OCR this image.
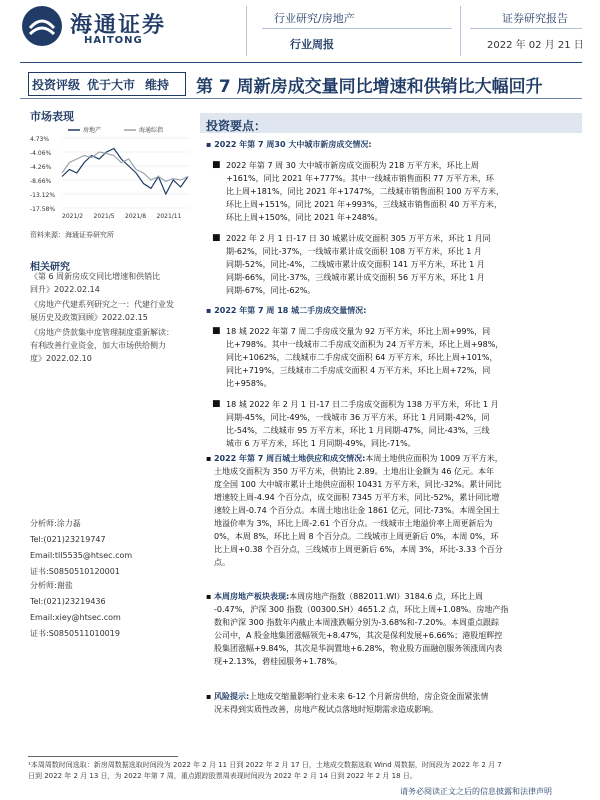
海通证券
HAITONG
行业研究/房地产
行业周报
证券研究报告
2022 年 02 月 21 日
投资评级 优于大市 维持 第 7 周新房成交量同比增速和供销比大幅回升
市场表现
4.73%
-4.06%
-4.26%
-8.66%
-13.12%
-17.58%
2021/2 2021/5 2021/8 2021/11
房地产	海通综指
资料来源：海通证券研究所
相关研究
《第 6 周新房成交同比增速和供销比
回升》2022.02.14
《房地产代建系列研究之一：代建行业发
展历史及政策回顾》2022.02.15
《房地产贷款集中度管理制度重新解读：
有利改善行业资金，加大市场供给侧力
度》2022.02.10
分析师:涂力磊
Tel:(021)23219747
Email:tll5535@htsec.com
证书:S0850510120001
分析师:谢盐
Tel:(021)23219436
Email:xiey@htsec.com
证书:S0850511010019
投资要点：
▪ 2022 年第 7 周30 大中城市新房成交情况:
■ 2022 年第 7 周 30 大中城市新房成交面积为 218 万平方米，环比上周
+161%，同比 2021 年+777%。其中一线城市销售面积 77 万平方米，环
比上周+181%，同比 2021 年+1747%，二线城市销售面积 100 万平方米，
环比上周+151%，同比 2021 年+993%，三线城市销售面积 40 万平方米，
环比上周+150%，同比 2021 年+248%。
■ 2022 年 2 月 1 日-17 日 30 城累计成交面积 305 万平方米，环比 1 月同
期-62%，同比-37%，一线城市累计成交面积 108 万平方米，环比 1 月
同期-52%，同比-4%，二线城市累计成交面积 141 万平方米，环比 1 月
同期-66%，同比-37%，三线城市累计成交面积 56 万平方米，环比 1 月
同期-67%，同比-62%。
▪ 2022 年第 7 周 18 城二手房成交量情况:
■ 18 城 2022 年第 7 周二手房成交量为 92 万平方米，环比上周+99%，同
比+798%。其中一线城市二手房成交面积为 24 万平方米，环比上周+98%，
同比+1062%，二线城市二手房成交面积 64 万平方米，环比上周+101%，
同比+719%，三线城市二手房成交面积 4 万平方米，环比上周+72%，同
比+958%。
■ 18 城 2022 年 2 月 1 日-17 日二手房成交面积为 138 万平方米，环比 1 月
同期-45%，同比-49%，一线城市 36 万平方米，环比 1 月同期-42%，同
比-54%，二线城市 95 万平方米，环比 1 月同期-47%，同比-43%，三线
城市 6 万平方米，环比 1 月同期-49%，同比-71%。
▪ 2022 年第 7 周百城土地供应和成交情况:本周土地供应面积为 1009 万平方米，
土地成交面积为 350 万平方米，供销比 2.89。土地出让金额为 46 亿元。本年
度全国 100 大中城市累计土地供应面积 10431 万平方米，同比-32%。累计同比
增速较上周-4.94 个百分点，成交面积 7345 万平方米，同比-52%，累计同比增
速较上周-0.74 个百分点。本周土地出让金 1861 亿元，同比-73%。本周全国土
地溢价率为 3%，环比上周-2.61 个百分点。一线城市土地溢价率上周更新后为
0%，本周 8%，环比上周 8 个百分点。二线城市上周更新后 0%，本周 0%，环
比上周+0.38 个百分点，三线城市上周更新后 6%，本周 3%，环比-3.33 个百分
点。
▪ 本周房地产板块表现:本周房地产指数（882011.WI）3184.6 点，环比上周
-0.47%，沪深 300 指数（00300.SH）4651.2 点，环比上周+1.08%。房地产指
数和沪深 300 指数年内截止本周涨跌幅分别为-3.68%和-7.20%。本周重点跟踪
公司中，A 股金地集团涨幅领先+8.47%，其次是保利发展+6.66%；港股旭辉控
股集团涨幅+9.84%，其次是华润置地+6.28%，物业股方面融创服务领涨周内表
现+2.13%，碧桂园服务+1.78%。
▪ 风险提示:上地成交缩量影响行业未来 6-12 个月新房供给，房企资金面紧张情
况未得到实质性改善，房地产税试点落地时短期需求造成影响。
¹本周周数时间选取：新房周数据选取时间段为 2022 年 2 月 11 日到 2022 年 2 月 17 日，土地成交数据选取 Wind 周数据，时间段为 2022 年 2 月 7
日到 2022 年 2 月 13 日，为 2022 年第 7 周，重点跟踪股票周表现时间段为 2022 年 2 月 14 日到 2022 年 2 月 18 日。
请务必阅读正文之后的信息披露和法律声明
